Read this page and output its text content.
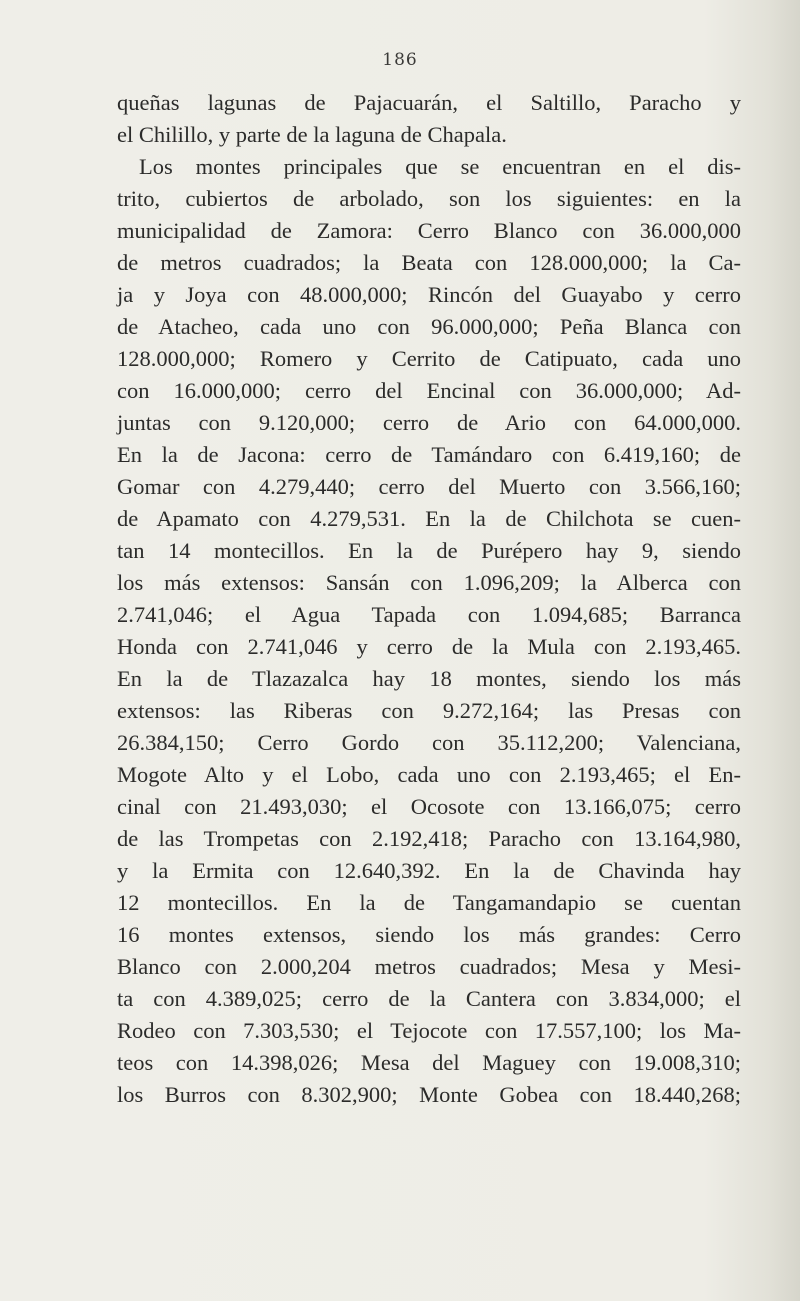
186
queñas lagunas de Pajacuarán, el Saltillo, Paracho y
el Chilillo, y parte de la laguna de Chapala.
Los montes principales que se encuentran en el dis-
trito, cubiertos de arbolado, son los siguientes: en la
municipalidad de Zamora: Cerro Blanco con 36.000,000
de metros cuadrados; la Beata con 128.000,000; la Ca-
ja y Joya con 48.000,000; Rincón del Guayabo y cerro
de Atacheo, cada uno con 96.000,000; Peña Blanca con
128.000,000; Romero y Cerrito de Catipuato, cada uno
con 16.000,000; cerro del Encinal con 36.000,000; Ad-
juntas con 9.120,000; cerro de Ario con 64.000,000.
En la de Jacona: cerro de Tamándaro con 6.419,160; de
Gomar con 4.279,440; cerro del Muerto con 3.566,160;
de Apamato con 4.279,531. En la de Chilchota se cuen-
tan 14 montecillos. En la de Purépero hay 9, siendo
los más extensos: Sansán con 1.096,209; la Alberca con
2.741,046; el Agua Tapada con 1.094,685; Barranca
Honda con 2.741,046 y cerro de la Mula con 2.193,465.
En la de Tlazazalca hay 18 montes, siendo los más
extensos: las Riberas con 9.272,164; las Presas con
26.384,150; Cerro Gordo con 35.112,200; Valenciana,
Mogote Alto y el Lobo, cada uno con 2.193,465; el En-
cinal con 21.493,030; el Ocosote con 13.166,075; cerro
de las Trompetas con 2.192,418; Paracho con 13.164,980,
y la Ermita con 12.640,392. En la de Chavinda hay
12 montecillos. En la de Tangamandapio se cuentan
16 montes extensos, siendo los más grandes: Cerro
Blanco con 2.000,204 metros cuadrados; Mesa y Mesi-
ta con 4.389,025; cerro de la Cantera con 3.834,000; el
Rodeo con 7.303,530; el Tejocote con 17.557,100; los Ma-
teos con 14.398,026; Mesa del Maguey con 19.008,310;
los Burros con 8.302,900; Monte Gobea con 18.440,268;
